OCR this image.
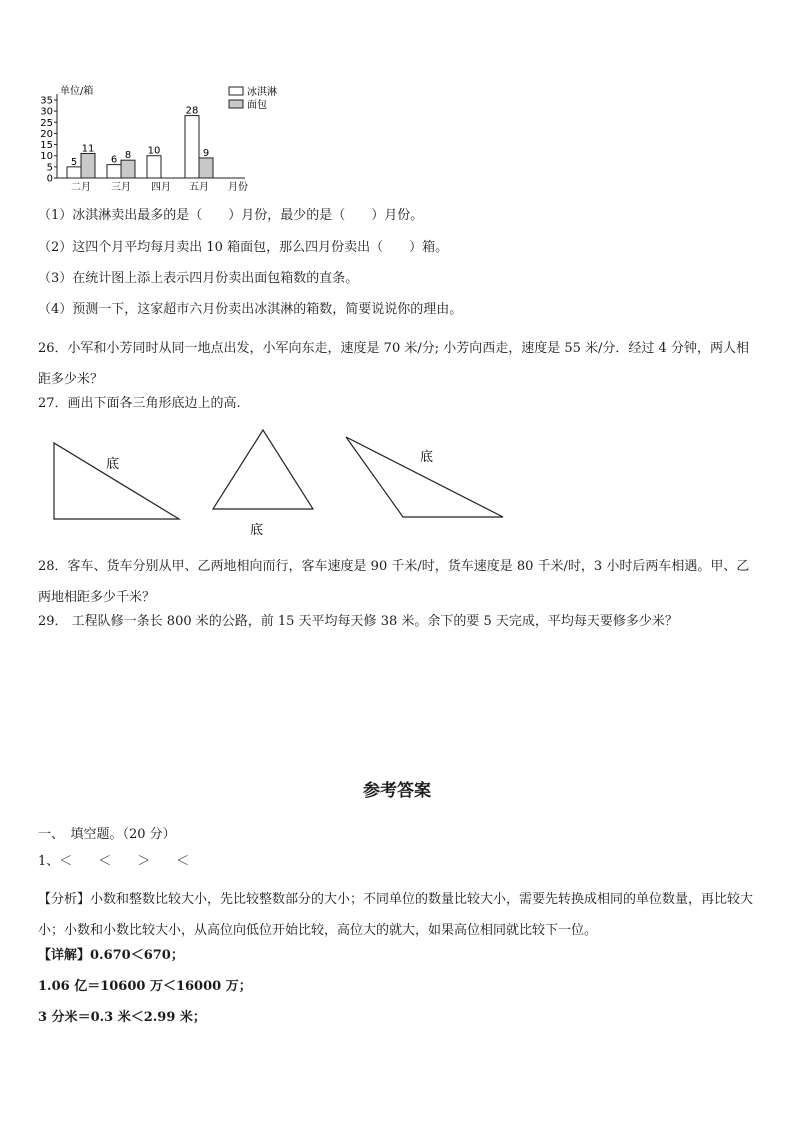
单位/箱
0
5
10
15
20
25
30
35
二月 三月 四月 五月
5
11
6 8 10
28
9
月份
冰淇淋
面包
（1）冰淇淋卖出最多的是（　　）月份，最少的是（　　）月份。
（2）这四个月平均每月卖出 10 箱面包，那么四月份卖出（　　）箱。
（3）在统计图上添上表示四月份卖出面包箱数的直条。
（4）预测一下，这家超市六月份卖出冰淇淋的箱数，简要说说你的理由。
26．小军和小芳同时从同一地点出发，小军向东走，速度是 70 米/分; 小芳向西走，速度是 55 米/分．经过 4 分钟，两人相距多少米？
27．画出下面各三角形底边上的高.
底
底
底
28．客车、货车分别从甲、乙两地相向而行，客车速度是 90 千米/时，货车速度是 80 千米/时，3 小时后两车相遇。甲、乙两地相距多少千米？
29． 工程队修一条长 800 米的公路，前 15 天平均每天修 38 米。余下的要 5 天完成，平均每天要修多少米？
参考答案
一、　填空题。（20 分）
1、＜　　＜　　＞　　＜
【分析】小数和整数比较大小，先比较整数部分的大小；不同单位的数量比较大小，需要先转换成相同的单位数量，再比较大小；小数和小数比较大小，从高位向低位开始比较，高位大的就大，如果高位相同就比较下一位。
【详解】0.670＜670；
1.06 亿＝10600 万＜16000 万；
3 分米＝0.3 米＜2.99 米；
